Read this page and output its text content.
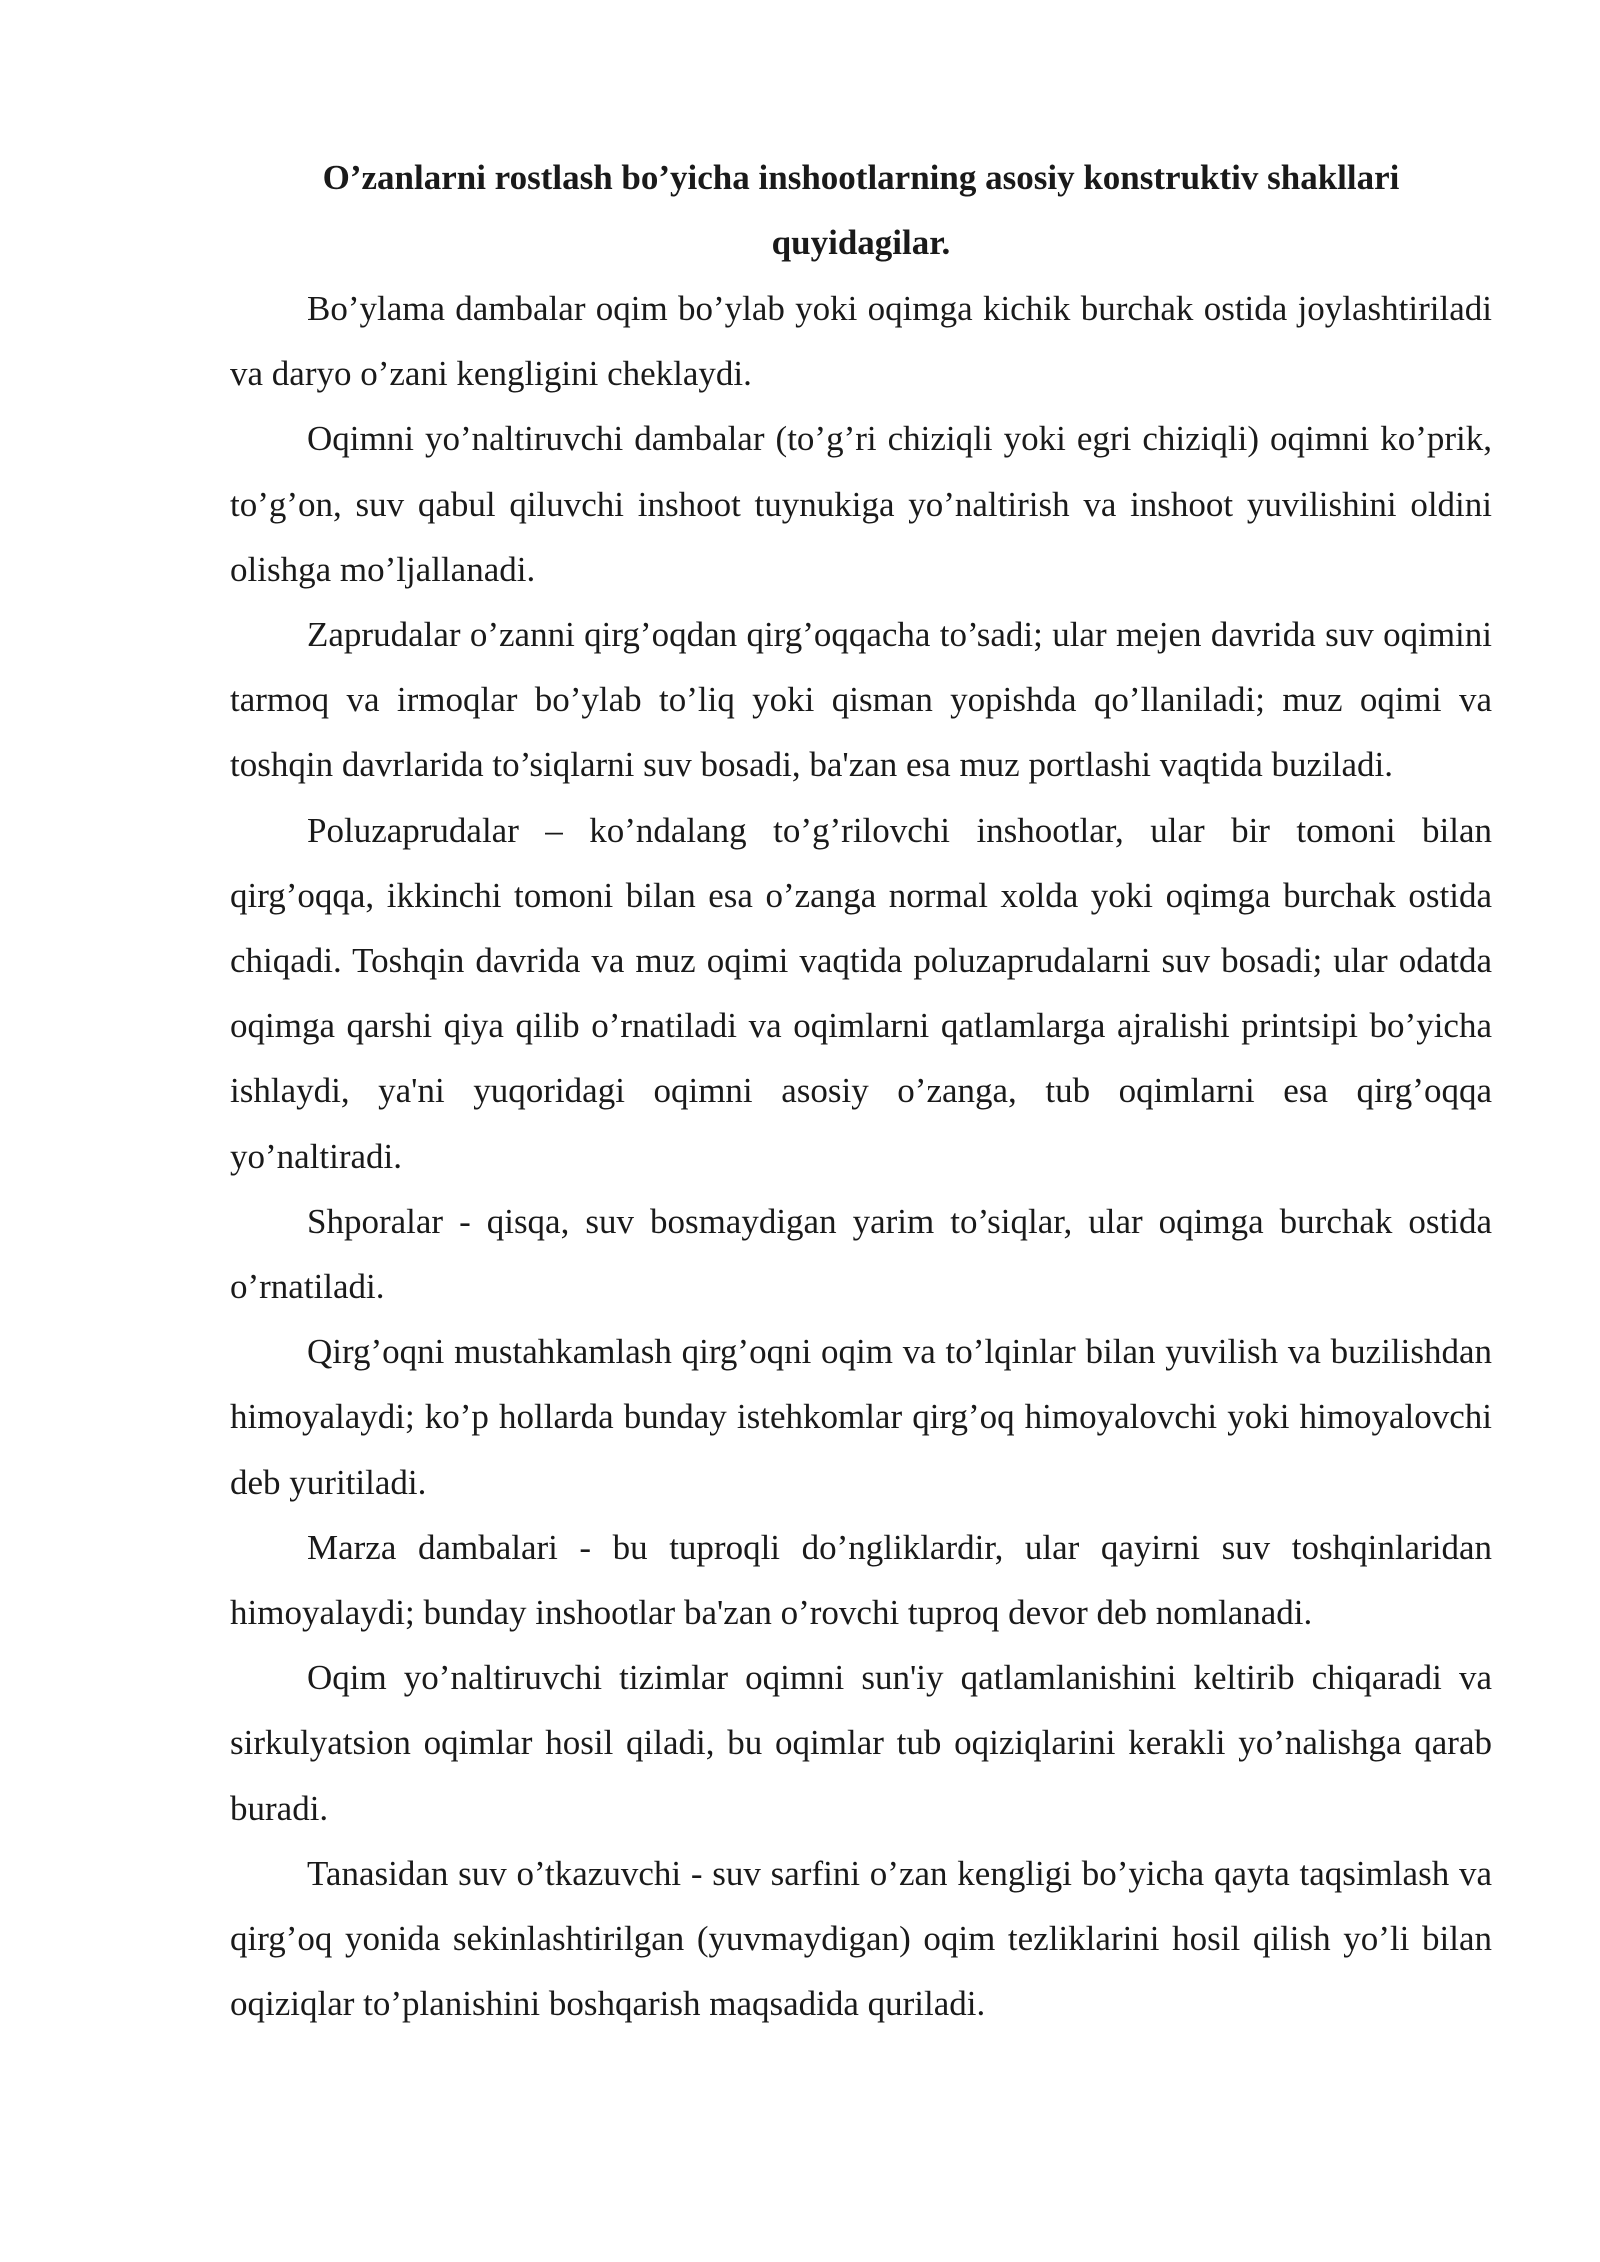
O’zanlarni rostlash bo’yicha inshootlarning asosiy konstruktiv shakllari quyidagilar.

Bo’ylama dambalar oqim bo’ylab yoki oqimga kichik burchak ostida joylashtiriladi va daryo o’zani kengligini cheklaydi.

Oqimni yo’naltiruvchi dambalar (to’g’ri chiziqli yoki egri chiziqli) oqimni ko’prik, to’g’on, suv qabul qiluvchi inshoot tuynukiga yo’naltirish va inshoot yuvilishini oldini olishga mo’ljallanadi.

Zaprudalar o’zanni qirg’oqdan qirg’oqqacha to’sadi; ular mejen davrida suv oqimini tarmoq va irmoqlar bo’ylab to’liq yoki qisman yopishda qo’llaniladi; muz oqimi va toshqin davrlarida to’siqlarni suv bosadi, ba'zan esa muz portlashi vaqtida buziladi.

Poluzaprudalar – ko’ndalang to’g’rilovchi inshootlar, ular bir tomoni bilan qirg’oqqa, ikkinchi tomoni bilan esa o’zanga normal xolda yoki oqimga burchak ostida chiqadi. Toshqin davrida va muz oqimi vaqtida poluzaprudalarni suv bosadi; ular odatda oqimga qarshi qiya qilib o’rnatiladi va oqimlarni qatlamlarga ajralishi printsipi bo’yicha ishlaydi, ya'ni yuqoridagi oqimni asosiy o’zanga, tub oqimlarni esa qirg’oqqa yo’naltiradi.

Shporalar - qisqa, suv bosmaydigan yarim to’siqlar, ular oqimga burchak ostida o’rnatiladi.

Qirg’oqni mustahkamlash qirg’oqni oqim va to’lqinlar bilan yuvilish va buzilishdan himoyalaydi; ko’p hollarda bunday istehkomlar qirg’oq himoyalovchi yoki himoyalovchi deb yuritiladi.

Marza dambalari - bu tuproqli do’ngliklardir, ular qayirni suv toshqinlaridan himoyalaydi; bunday inshootlar ba'zan o’rovchi tuproq devor deb nomlanadi.

Oqim yo’naltiruvchi tizimlar oqimni sun'iy qatlamlanishini keltirib chiqaradi va sirkulyatsion oqimlar hosil qiladi, bu oqimlar tub oqiziqlarini kerakli yo’nalishga qarab buradi.

Tanasidan suv o’tkazuvchi - suv sarfini o’zan kengligi bo’yicha qayta taqsimlash va qirg’oq yonida sekinlashtirilgan (yuvmaydigan) oqim tezliklarini hosil qilish yo’li bilan oqiziqlar to’planishini boshqarish maqsadida quriladi.
